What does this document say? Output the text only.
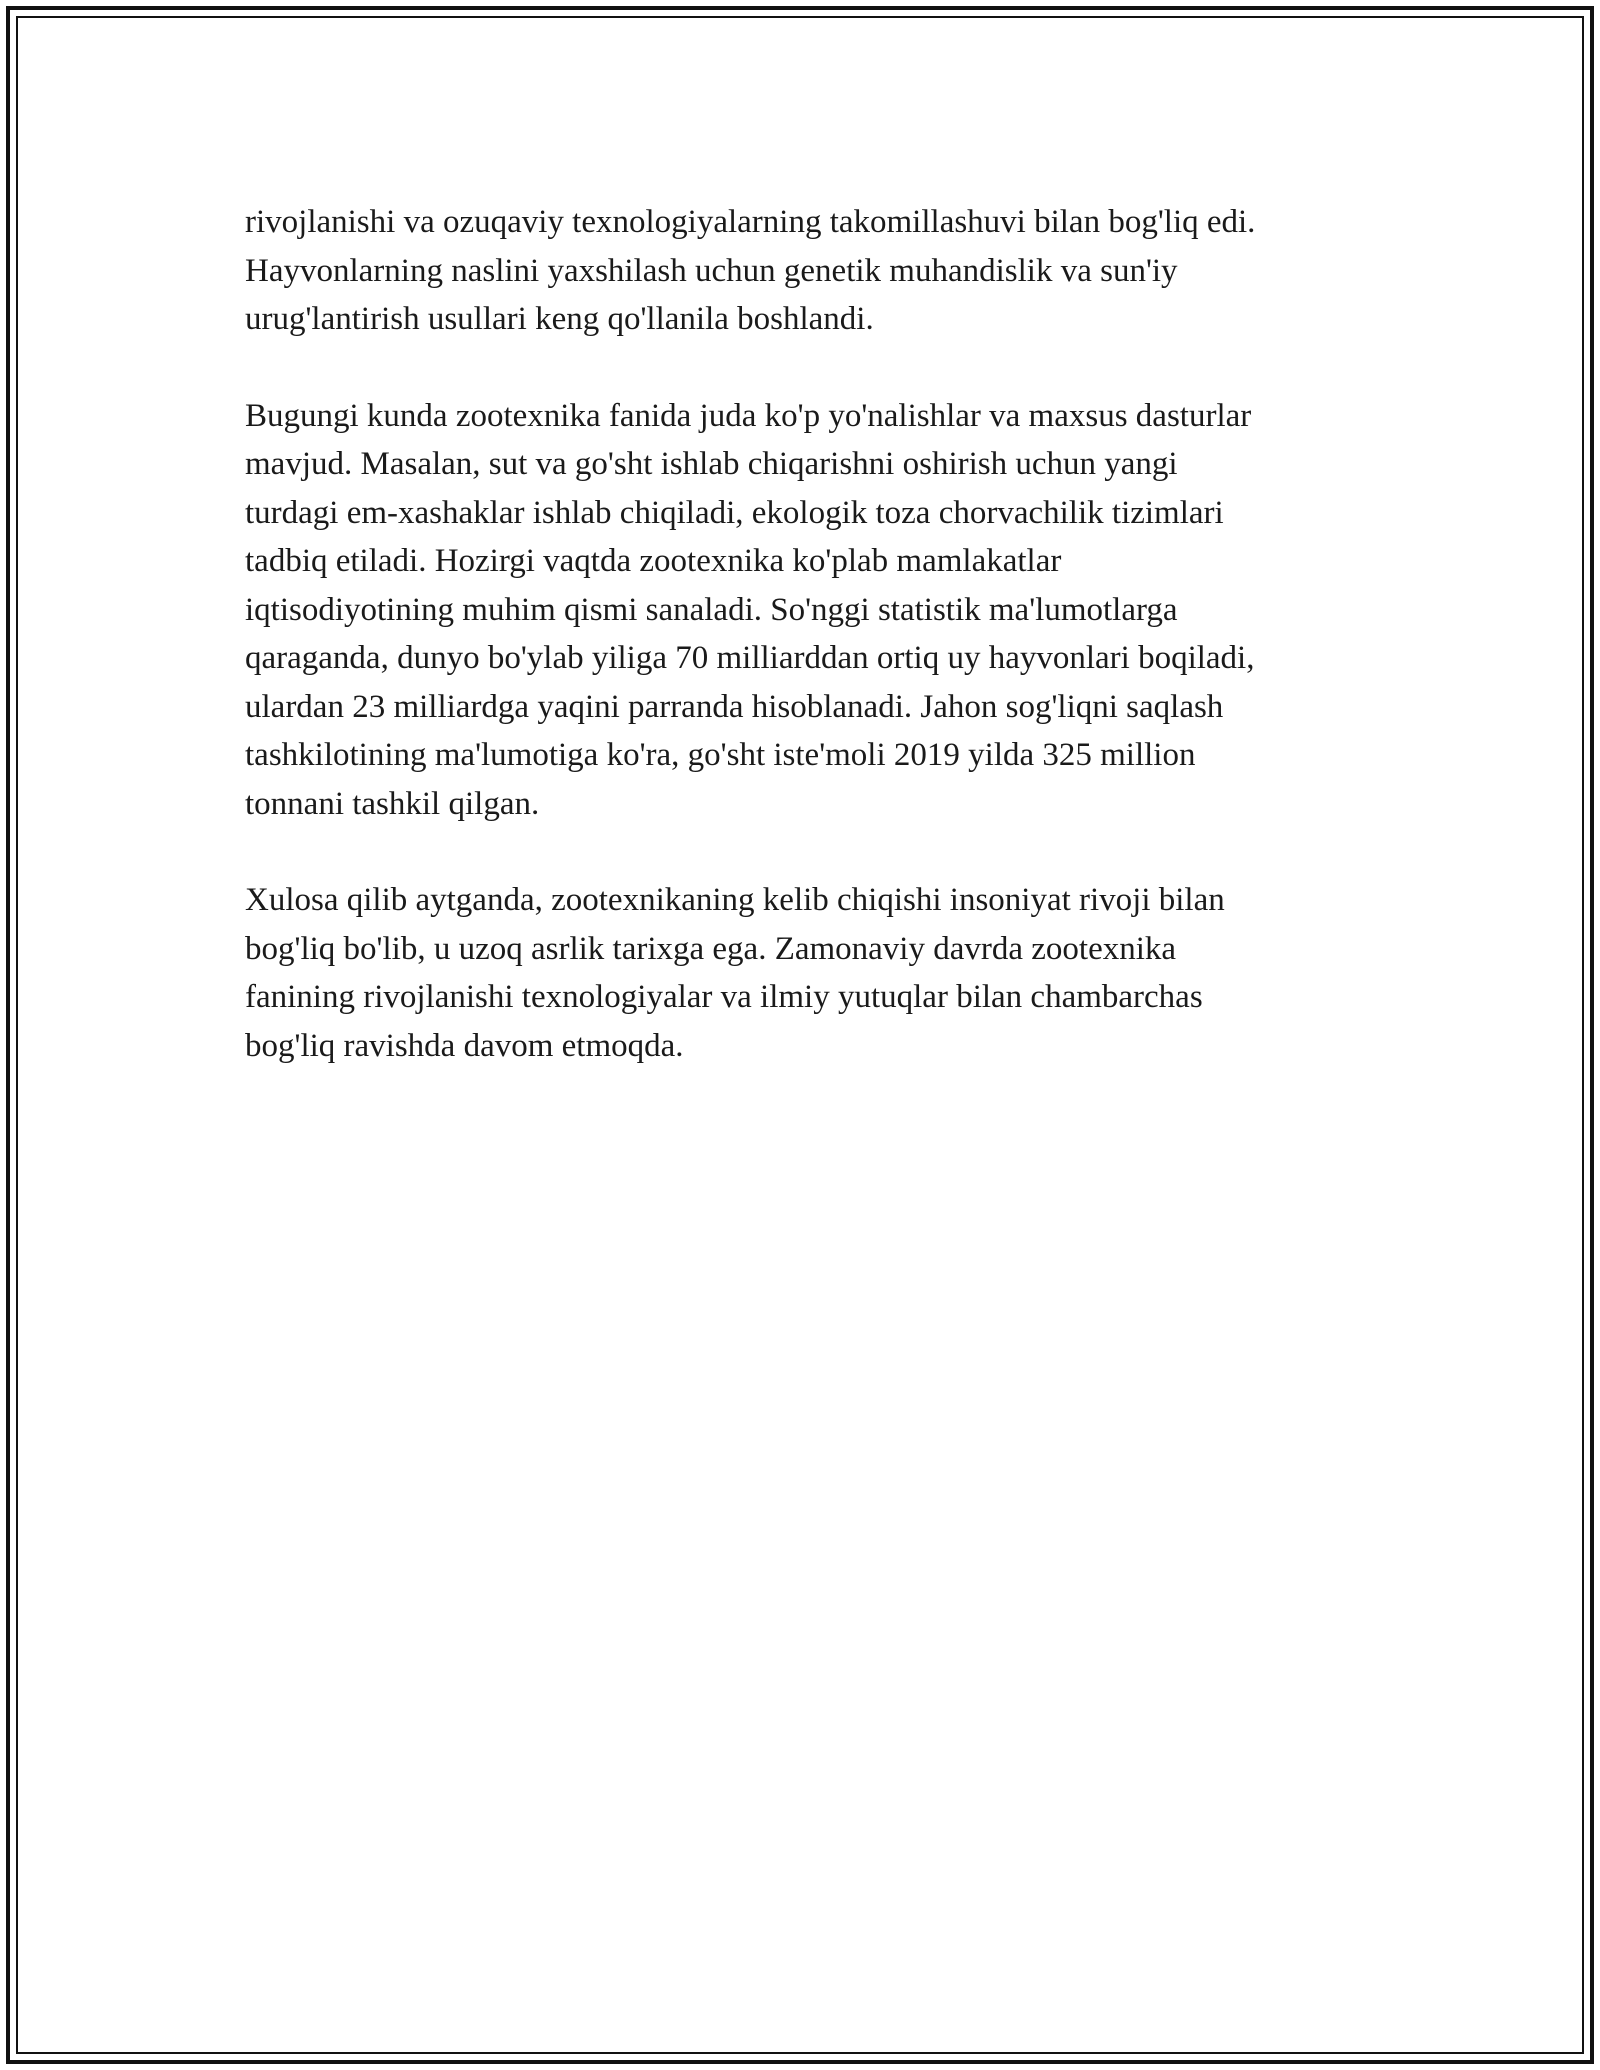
rivojlanishi va ozuqaviy texnologiyalarning takomillashuvi bilan bog'liq edi.
Hayvonlarning naslini yaxshilash uchun genetik muhandislik va sun'iy
urug'lantirish usullari keng qo'llanila boshlandi.

Bugungi kunda zootexnika fanida juda ko'p yo'nalishlar va maxsus dasturlar
mavjud. Masalan, sut va go'sht ishlab chiqarishni oshirish uchun yangi
turdagi em-xashaklar ishlab chiqiladi, ekologik toza chorvachilik tizimlari
tadbiq etiladi. Hozirgi vaqtda zootexnika ko'plab mamlakatlar
iqtisodiyotining muhim qismi sanaladi. So'nggi statistik ma'lumotlarga
qaraganda, dunyo bo'ylab yiliga 70 milliarddan ortiq uy hayvonlari boqiladi,
ulardan 23 milliardga yaqini parranda hisoblanadi. Jahon sog'liqni saqlash
tashkilotining ma'lumotiga ko'ra, go'sht iste'moli 2019 yilda 325 million
tonnani tashkil qilgan.

Xulosa qilib aytganda, zootexnikaning kelib chiqishi insoniyat rivoji bilan
bog'liq bo'lib, u uzoq asrlik tarixga ega. Zamonaviy davrda zootexnika
fanining rivojlanishi texnologiyalar va ilmiy yutuqlar bilan chambarchas
bog'liq ravishda davom etmoqda.
